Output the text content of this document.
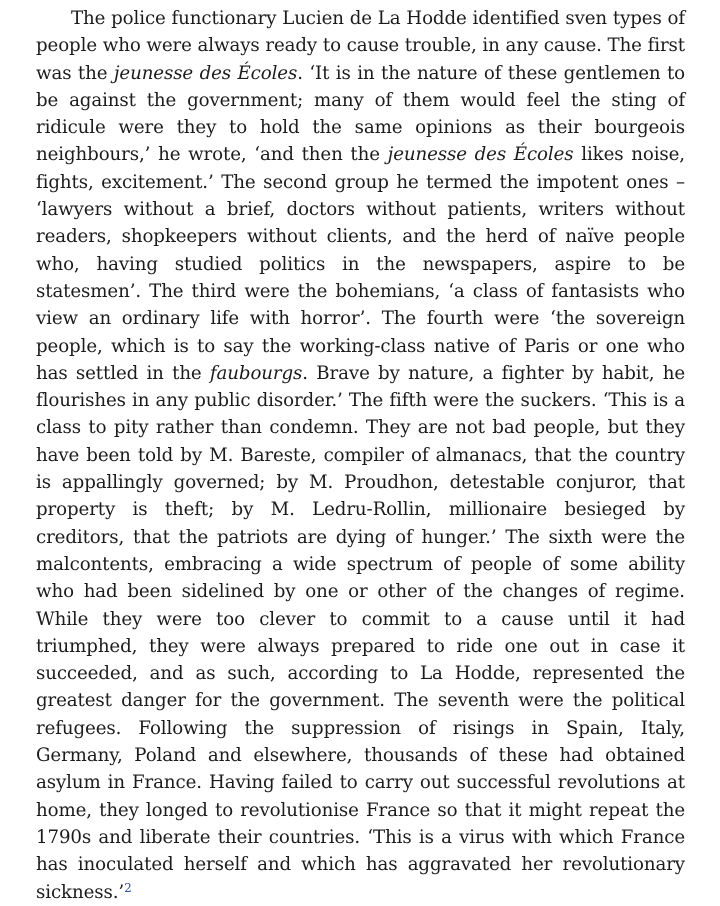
The police functionary Lucien de La Hodde identified sven types of people who were always ready to cause trouble, in any cause. The first was the jeunesse des Écoles. ‘It is in the nature of these gentlemen to be against the government; many of them would feel the sting of ridicule were they to hold the same opinions as their bourgeois neighbours,’ he wrote, ‘and then the jeunesse des Écoles likes noise, fights, excitement.’ The second group he termed the impotent ones – ‘lawyers without a brief, doctors without patients, writers without readers, shopkeepers without clients, and the herd of naïve people who, having studied politics in the newspapers, aspire to be statesmen’. The third were the bohemians, ‘a class of fantasists who view an ordinary life with horror’. The fourth were ‘the sovereign people, which is to say the working-class native of Paris or one who has settled in the faubourgs. Brave by nature, a fighter by habit, he flourishes in any public disorder.’ The fifth were the suckers. ‘This is a class to pity rather than condemn. They are not bad people, but they have been told by M. Bareste, compiler of almanacs, that the country is appallingly governed; by M. Proudhon, detestable conjuror, that property is theft; by M. Ledru-Rollin, millionaire besieged by creditors, that the patriots are dying of hunger.’ The sixth were the malcontents, embracing a wide spectrum of people of some ability who had been sidelined by one or other of the changes of regime. While they were too clever to commit to a cause until it had triumphed, they were always prepared to ride one out in case it succeeded, and as such, according to La Hodde, represented the greatest danger for the government. The seventh were the political refugees. Following the suppression of risings in Spain, Italy, Germany, Poland and elsewhere, thousands of these had obtained asylum in France. Having failed to carry out successful revolutions at home, they longed to revolutionise France so that it might repeat the 1790s and liberate their countries. ‘This is a virus with which France has inoculated herself and which has aggravated her revolutionary sickness.’$^2$
